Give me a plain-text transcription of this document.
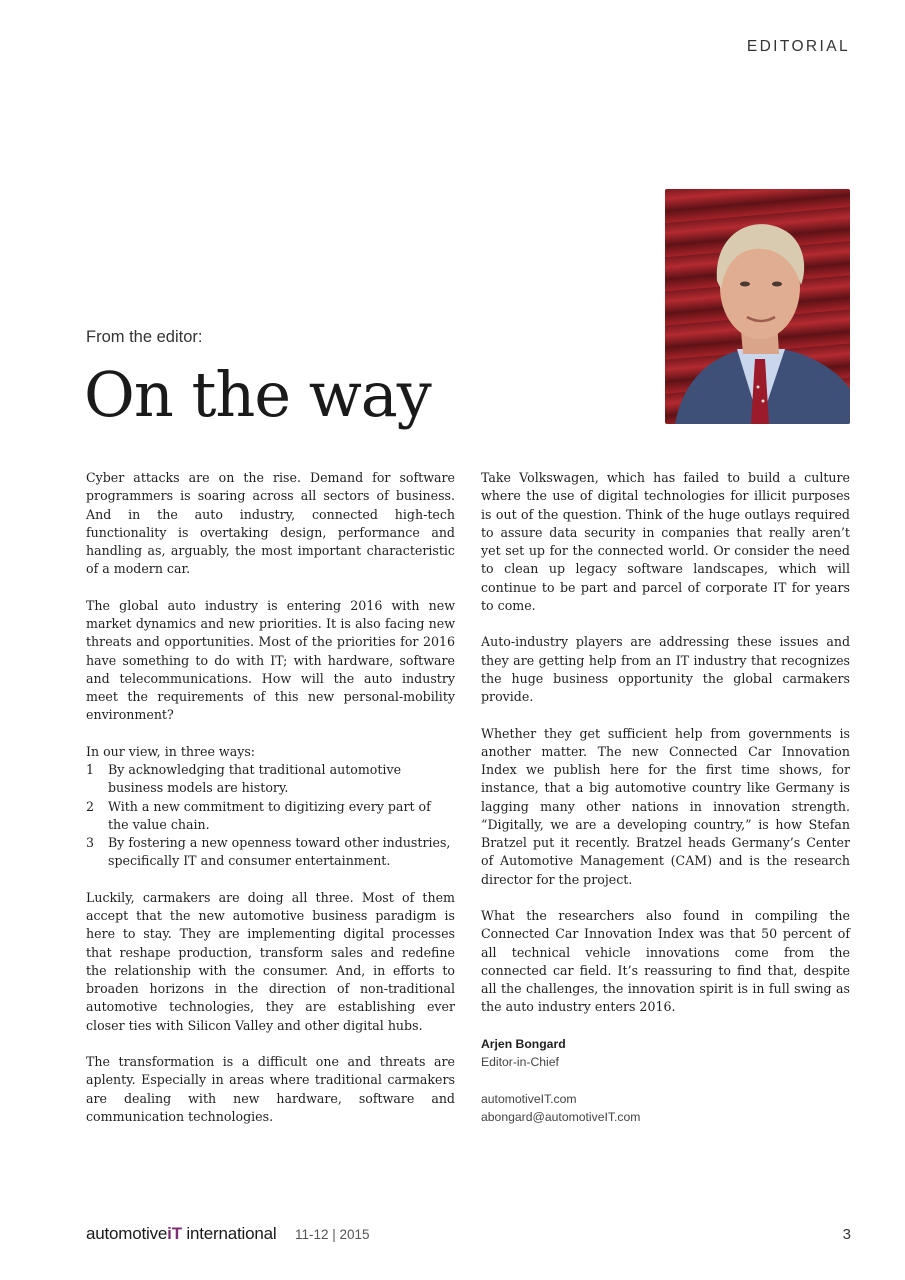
EDITORIAL
From the editor:
On the way

Cyber attacks are on the rise. Demand for software programmers is soaring across all sectors of business. And in the auto industry, connected high-tech functionality is overtaking design, performance and handling as, arguably, the most important characteristic of a modern car.

The global auto industry is entering 2016 with new market dynamics and new priorities. It is also facing new threats and opportunities. Most of the priorities for 2016 have something to do with IT; with hardware, software and telecommunications. How will the auto industry meet the requirements of this new personal-mobility environment?

In our view, in three ways:

1 By acknowledging that traditional automotive business models are history.
2 With a new commitment to digitizing every part of the value chain.
3 By fostering a new openness toward other industries, specifically IT and consumer entertainment.

Luckily, carmakers are doing all three. Most of them accept that the new automotive business paradigm is here to stay. They are implementing digital processes that reshape production, transform sales and redefine the relationship with the consumer. And, in efforts to broaden horizons in the direction of non-traditional automotive technologies, they are establishing ever closer ties with Silicon Valley and other digital hubs.

The transformation is a difficult one and threats are aplenty. Especially in areas where traditional carmakers are dealing with new hardware, software and communication technologies.

Take Volkswagen, which has failed to build a culture where the use of digital technologies for illicit purposes is out of the question. Think of the huge outlays required to assure data security in companies that really aren’t yet set up for the connected world. Or consider the need to clean up legacy software landscapes, which will continue to be part and parcel of corporate IT for years to come.

Auto-industry players are addressing these issues and they are getting help from an IT industry that recognizes the huge business opportunity the global carmakers provide.

Whether they get sufficient help from governments is another matter. The new Connected Car Innovation Index we publish here for the first time shows, for instance, that a big automotive country like Germany is lagging many other nations in innovation strength. “Digitally, we are a developing country,” is how Stefan Bratzel put it recently. Bratzel heads Germany’s Center of Automotive Management (CAM) and is the research director for the project.

What the researchers also found in compiling the Connected Car Innovation Index was that 50 percent of all technical vehicle innovations come from the connected car field. It’s reassuring to find that, despite all the challenges, the innovation spirit is in full swing as the auto industry enters 2016.

Arjen Bongard
Editor-in-Chief
automotiveIT.com
abongard@automotiveIT.com
automotiveiT international 11-12 | 2015	3
